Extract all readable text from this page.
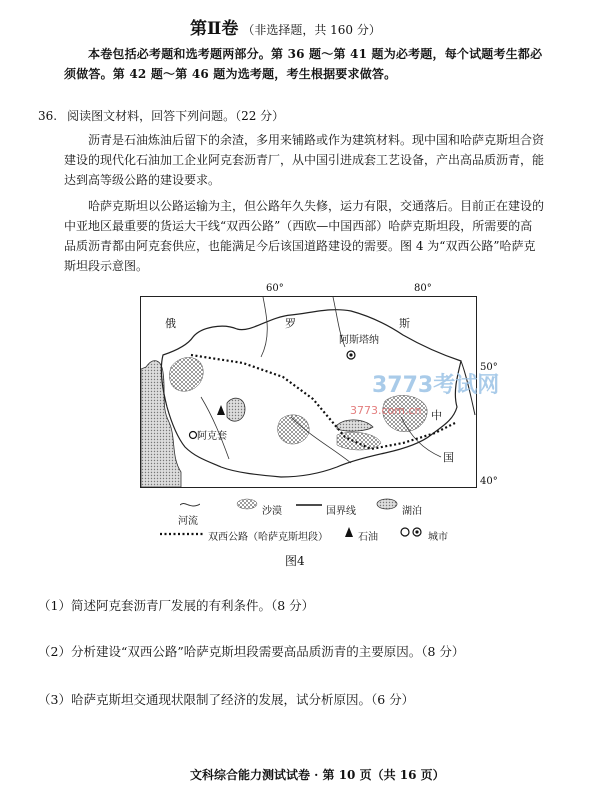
第Ⅱ卷 （非选择题，共 160 分）
本卷包括必考题和选考题两部分。第 36 题～第 41 题为必考题，每个试题考生都必须做答。第 42 题～第 46 题为选考题，考生根据要求做答。
36. 阅读图文材料，回答下列问题。（22 分）
沥青是石油炼油后留下的余渣，多用来铺路或作为建筑材料。现中国和哈萨克斯坦合资建设的现代化石油加工企业阿克套沥青厂，从中国引进成套工艺设备，产出高品质沥青，能达到高等级公路的建设要求。
哈萨克斯坦以公路运输为主，但公路年久失修，运力有限，交通落后。目前正在建设的中亚地区最重要的货运大干线“双西公路”（西欧—中国西部）哈萨克斯坦段，所需要的高品质沥青都由阿克套供应，也能满足今后该国道路建设的需要。图 4 为“双西公路”哈萨克斯坦段示意图。
俄	罗	斯
阿斯塔纳
阿克套
中
国
60°	80°
50°
40°
3773考试网
3773.com.cn
河流
沙漠	国界线	湖泊
双西公路（哈萨克斯坦段）	石油	城市
图4
（1）简述阿克套沥青厂发展的有利条件。（8 分）
（2）分析建设“双西公路”哈萨克斯坦段需要高品质沥青的主要原因。（8 分）
（3）哈萨克斯坦交通现状限制了经济的发展，试分析原因。（6 分）
文科综合能力测试试卷 · 第 10 页（共 16 页）
